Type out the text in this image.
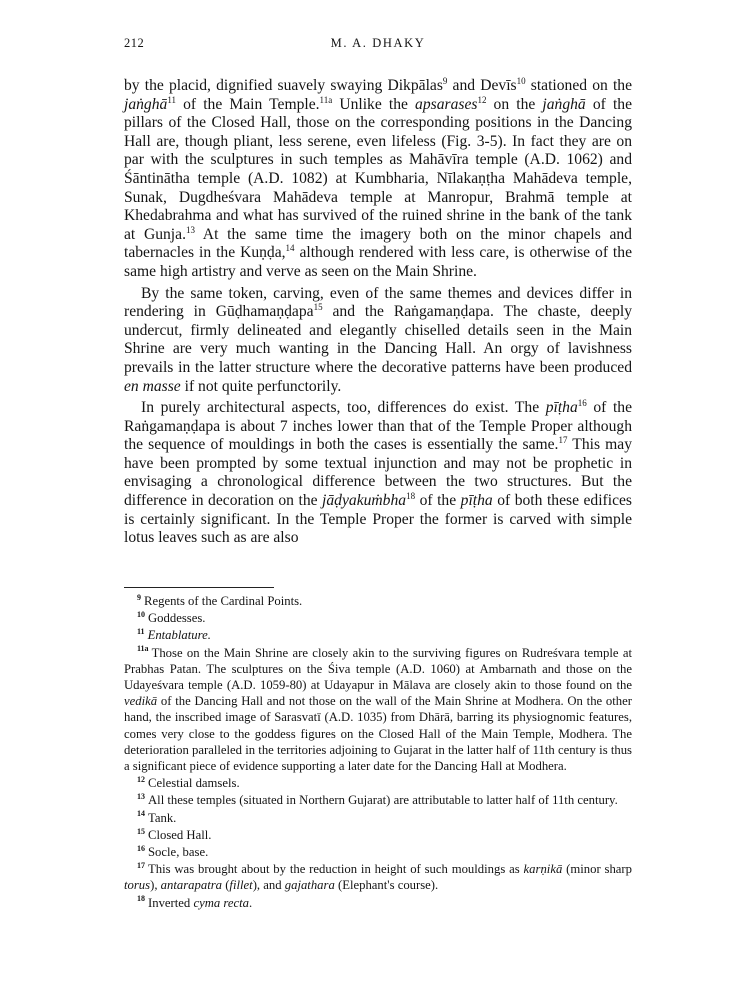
212	M. A. DHAKY

by the placid, dignified suavely swaying Dikpālas$^9$ and Devīs$^{10}$ stationed on the jaṅghā$^{11}$ of the Main Temple.$^{11a}$ Unlike the apsarases$^{12}$ on the jaṅghā of the pillars of the Closed Hall, those on the corresponding positions in the Dancing Hall are, though pliant, less serene, even lifeless (Fig. 3-5). In fact they are on par with the sculptures in such temples as Mahāvīra temple (A.D. 1062) and Śāntinātha temple (A.D. 1082) at Kumbharia, Nīlakaṇṭha Mahādeva temple, Sunak, Dugdheśvara Mahādeva temple at Manropur, Brahmā temple at Khedabrahma and what has survived of the ruined shrine in the bank of the tank at Gunja.$^{13}$ At the same time the imagery both on the minor chapels and tabernacles in the Kuṇḍa,$^{14}$ although rendered with less care, is otherwise of the same high artistry and verve as seen on the Main Shrine.

By the same token, carving, even of the same themes and devices differ in rendering in Gūḍhamaṇḍapa$^{15}$ and the Raṅgamaṇḍapa. The chaste, deeply undercut, firmly delineated and elegantly chiselled details seen in the Main Shrine are very much wanting in the Dancing Hall. An orgy of lavishness prevails in the latter structure where the decorative patterns have been produced en masse if not quite perfunctorily.

In purely architectural aspects, too, differences do exist. The pīṭha$^{16}$ of the Raṅgamaṇḍapa is about 7 inches lower than that of the Temple Proper although the sequence of mouldings in both the cases is essentially the same.$^{17}$ This may have been prompted by some textual injunction and may not be prophetic in envisaging a chronological difference between the two structures. But the difference in decoration on the jāḍyakuṁbha$^{18}$ of the pīṭha of both these edifices is certainly significant. In the Temple Proper the former is carved with simple lotus leaves such as are also

$^9$ Regents of the Cardinal Points.

$^{10}$ Goddesses.

$^{11}$ Entablature.

$^{11a}$ Those on the Main Shrine are closely akin to the surviving figures on Rudreśvara temple at Prabhas Patan. The sculptures on the Śiva temple (A.D. 1060) at Ambarnath and those on the Udayeśvara temple (A.D. 1059-80) at Udayapur in Mālava are closely akin to those found on the vedikā of the Dancing Hall and not those on the wall of the Main Shrine at Modhera. On the other hand, the inscribed image of Sarasvatī (A.D. 1035) from Dhārā, barring its physiognomic features, comes very close to the goddess figures on the Closed Hall of the Main Temple, Modhera. The deterioration paralleled in the territories adjoining to Gujarat in the latter half of 11th century is thus a significant piece of evidence supporting a later date for the Dancing Hall at Modhera.

$^{12}$ Celestial damsels.

$^{13}$ All these temples (situated in Northern Gujarat) are attributable to latter half of 11th century.

$^{14}$ Tank.

$^{15}$ Closed Hall.

$^{16}$ Socle, base.

$^{17}$ This was brought about by the reduction in height of such mouldings as karṇikā (minor sharp torus), antarapatra (fillet), and gajathara (Elephant's course).

$^{18}$ Inverted cyma recta.
